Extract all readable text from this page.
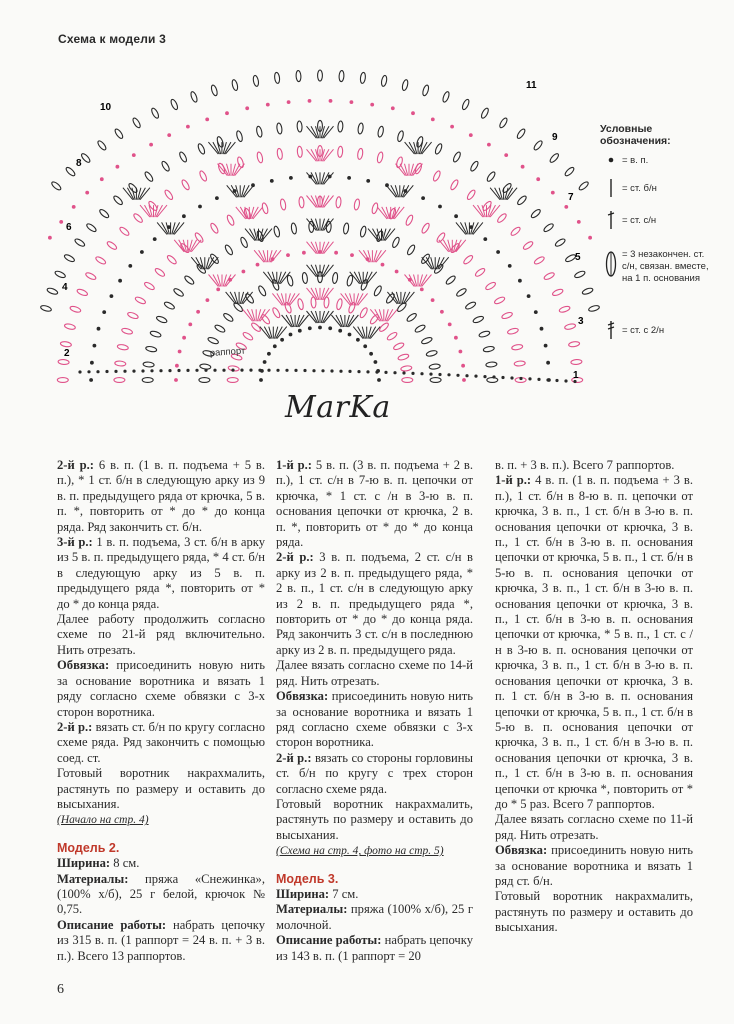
Схема к модели 3
раппорт
2
4
6
8
10
1
3
5
7
9
11
Условные обозначения:
= в. п.
= ст. б/н
= ст. с/н
= 3 незакончен. ст. с/н, связан. вместе, на 1 п. основания
= ст. с 2/н
MarKa

2-й р.: 6 в. п. (1 в. п. подъема + 5 в. п.), * 1 ст. б/н в следующую арку из 9 в. п. предыдущего ряда от крючка, 5 в. п. *, повторить от * до * до конца ряда. Ряд закончить ст. б/н.

3-й р.: 1 в. п. подъема, 3 ст. б/н в арку из 5 в. п. предыдущего ряда, * 4 ст. б/н в следующую арку из 5 в. п. предыдущего ряда *, повторить от * до * до конца ряда.

Далее работу продолжить согласно схеме по 21-й ряд включительно. Нить отрезать.

Обвязка: присоединить новую нить за основание воротника и вязать 1 ряду согласно схеме обвязки с 3-х сторон воротника.

2-й р.: вязать ст. б/н по кругу согласно схеме ряда. Ряд закончить с помощью соед. ст.

Готовый воротник накрахмалить, растянуть по размеру и оставить до высыхания.

(Начало на стр. 4)

Модель 2.

Ширина: 8 см.

Материалы: пряжа «Снежинка», (100% х/б), 25 г белой, крючок № 0,75.

Описание работы: набрать цепочку из 315 в. п. (1 раппорт = 24 в. п. + 3 в. п.). Всего 13 раппортов.

1-й р.: 5 в. п. (3 в. п. подъема + 2 в. п.), 1 ст. с/н в 7-ю в. п. цепочки от крючка, * 1 ст. с /н в 3-ю в. п. основания цепочки от крючка, 2 в. п. *, повторить от * до * до конца ряда.

2-й р.: 3 в. п. подъема, 2 ст. с/н в арку из 2 в. п. предыдущего ряда, * 2 в. п., 1 ст. с/н в следующую арку из 2 в. п. предыдущего ряда *, повторить от * до * до конца ряда. Ряд закончить 3 ст. с/н в последнюю арку из 2 в. п. предыдущего ряда.

Далее вязать согласно схеме по 14-й ряд. Нить отрезать.

Обвязка: присоединить новую нить за основание воротника и вязать 1 ряд согласно схеме обвязки с 3-х сторон воротника.

2-й р.: вязать со стороны горловины ст. б/н по кругу с трех сторон согласно схеме ряда.

Готовый воротник накрахмалить, растянуть по размеру и оставить до высыхания.

(Схема на стр. 4, фото на стр. 5)

Модель 3.

Ширина: 7 см.

Материалы: пряжа (100% х/б), 25 г молочной.

Описание работы: набрать цепочку из 143 в. п. (1 раппорт = 20

в. п. + 3 в. п.). Всего 7 раппортов.

1-й р.: 4 в. п. (1 в. п. подъема + 3 в. п.), 1 ст. б/н в 8-ю в. п. цепочки от крючка, 3 в. п., 1 ст. б/н в 3-ю в. п. основания цепочки от крючка, 3 в. п., 1 ст. б/н в 3-ю в. п. основания цепочки от крючка, 5 в. п., 1 ст. б/н в 5-ю в. п. основания цепочки от крючка, 3 в. п., 1 ст. б/н в 3-ю в. п. основания цепочки от крючка, 3 в. п., 1 ст. б/н в 3-ю в. п. основания цепочки от крючка, * 5 в. п., 1 ст. с /н в 3-ю в. п. основания цепочки от крючка, 3 в. п., 1 ст. б/н в 3-ю в. п. основания цепочки от крючка, 3 в. п. 1 ст. б/н в 3-ю в. п. основания цепочки от крючка, 5 в. п., 1 ст. б/н в 5-ю в. п. основания цепочки от крючка, 3 в. п., 1 ст. б/н в 3-ю в. п. основания цепочки от крючка, 3 в. п., 1 ст. б/н в 3-ю в. п. основания цепочки от крючка *, повторить от * до * 5 раз. Всего 7 раппортов.

Далее вязать согласно схеме по 11-й ряд. Нить отрезать.

Обвязка: присоединить новую нить за основание воротника и вязать 1 ряд ст. б/н.

Готовый воротник накрахмалить, растянуть по размеру и оставить до высыхания.

6
